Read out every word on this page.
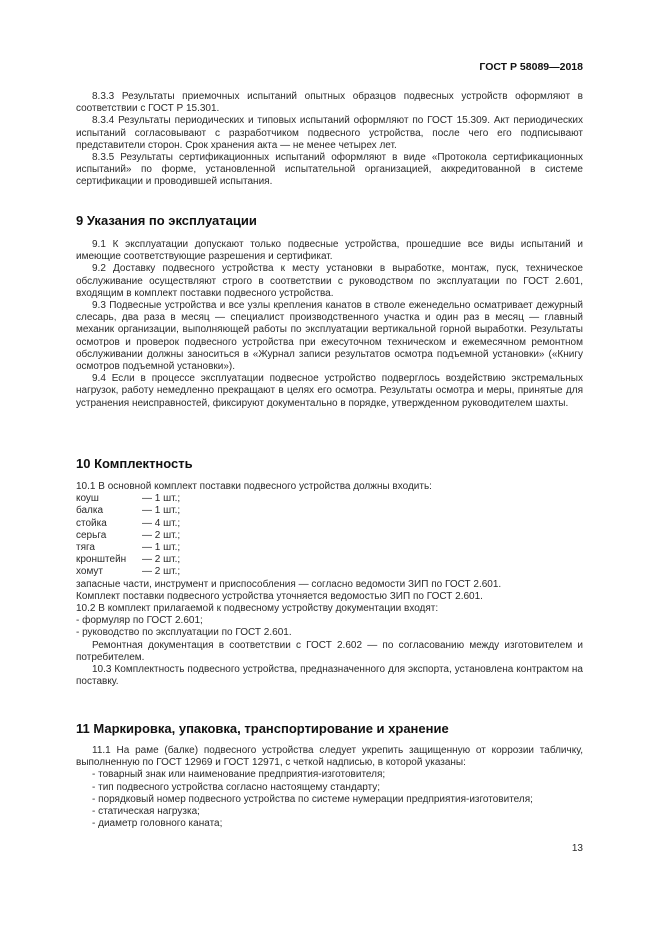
ГОСТ Р 58089—2018

8.3.3 Результаты приемочных испытаний опытных образцов подвесных устройств оформляют в соответствии с ГОСТ Р 15.301.

8.3.4 Результаты периодических и типовых испытаний оформляют по ГОСТ 15.309. Акт периодических испытаний согласовывают с разработчиком подвесного устройства, после чего его подписывают представители сторон. Срок хранения акта — не менее четырех лет.

8.3.5 Результаты сертификационных испытаний оформляют в виде «Протокола сертификационных испытаний» по форме, установленной испытательной организацией, аккредитованной в системе сертификации и проводившей испытания.

9 Указания по эксплуатации

9.1 К эксплуатации допускают только подвесные устройства, прошедшие все виды испытаний и имеющие соответствующие разрешения и сертификат.

9.2 Доставку подвесного устройства к месту установки в выработке, монтаж, пуск, техническое обслуживание осуществляют строго в соответствии с руководством по эксплуатации по ГОСТ 2.601, входящим в комплект поставки подвесного устройства.

9.3 Подвесные устройства и все узлы крепления канатов в стволе еженедельно осматривает дежурный слесарь, два раза в месяц — специалист производственного участка и один раз в месяц — главный механик организации, выполняющей работы по эксплуатации вертикальной горной выработки. Результаты осмотров и проверок подвесного устройства при ежесуточном техническом и ежемесячном ремонтном обслуживании должны заноситься в «Журнал записи результатов осмотра подъемной установки» («Книгу осмотров подъемной установки»).

9.4 Если в процессе эксплуатации подвесное устройство подверглось воздействию экстремальных нагрузок, работу немедленно прекращают в целях его осмотра. Результаты осмотра и меры, принятые для устранения неисправностей, фиксируют документально в порядке, утвержденном руководителем шахты.

10 Комплектность

10.1 В основной комплект поставки подвесного устройства должны входить:

коуш	— 1 шт.;
балка	— 1 шт.;
стойка	— 4 шт.;
серьга	— 2 шт.;
тяга	— 1 шт.;
кронштейн	— 2 шт.;
хомут	— 2 шт.;

запасные части, инструмент и приспособления — согласно ведомости ЗИП по ГОСТ 2.601.

Комплект поставки подвесного устройства уточняется ведомостью ЗИП по ГОСТ 2.601.

10.2 В комплект прилагаемой к подвесному устройству документации входят:

- формуляр по ГОСТ 2.601;

- руководство по эксплуатации по ГОСТ 2.601.

Ремонтная документация в соответствии с ГОСТ 2.602 — по согласованию между изготовителем и потребителем.

10.3 Комплектность подвесного устройства, предназначенного для экспорта, установлена контрактом на поставку.

11 Маркировка, упаковка, транспортирование и хранение

11.1 На раме (балке) подвесного устройства следует укрепить защищенную от коррозии табличку, выполненную по ГОСТ 12969 и ГОСТ 12971, с четкой надписью, в которой указаны:

- товарный знак или наименование предприятия-изготовителя;

- тип подвесного устройства согласно настоящему стандарту;

- порядковый номер подвесного устройства по системе нумерации предприятия-изготовителя;

- статическая нагрузка;

- диаметр головного каната;

13
